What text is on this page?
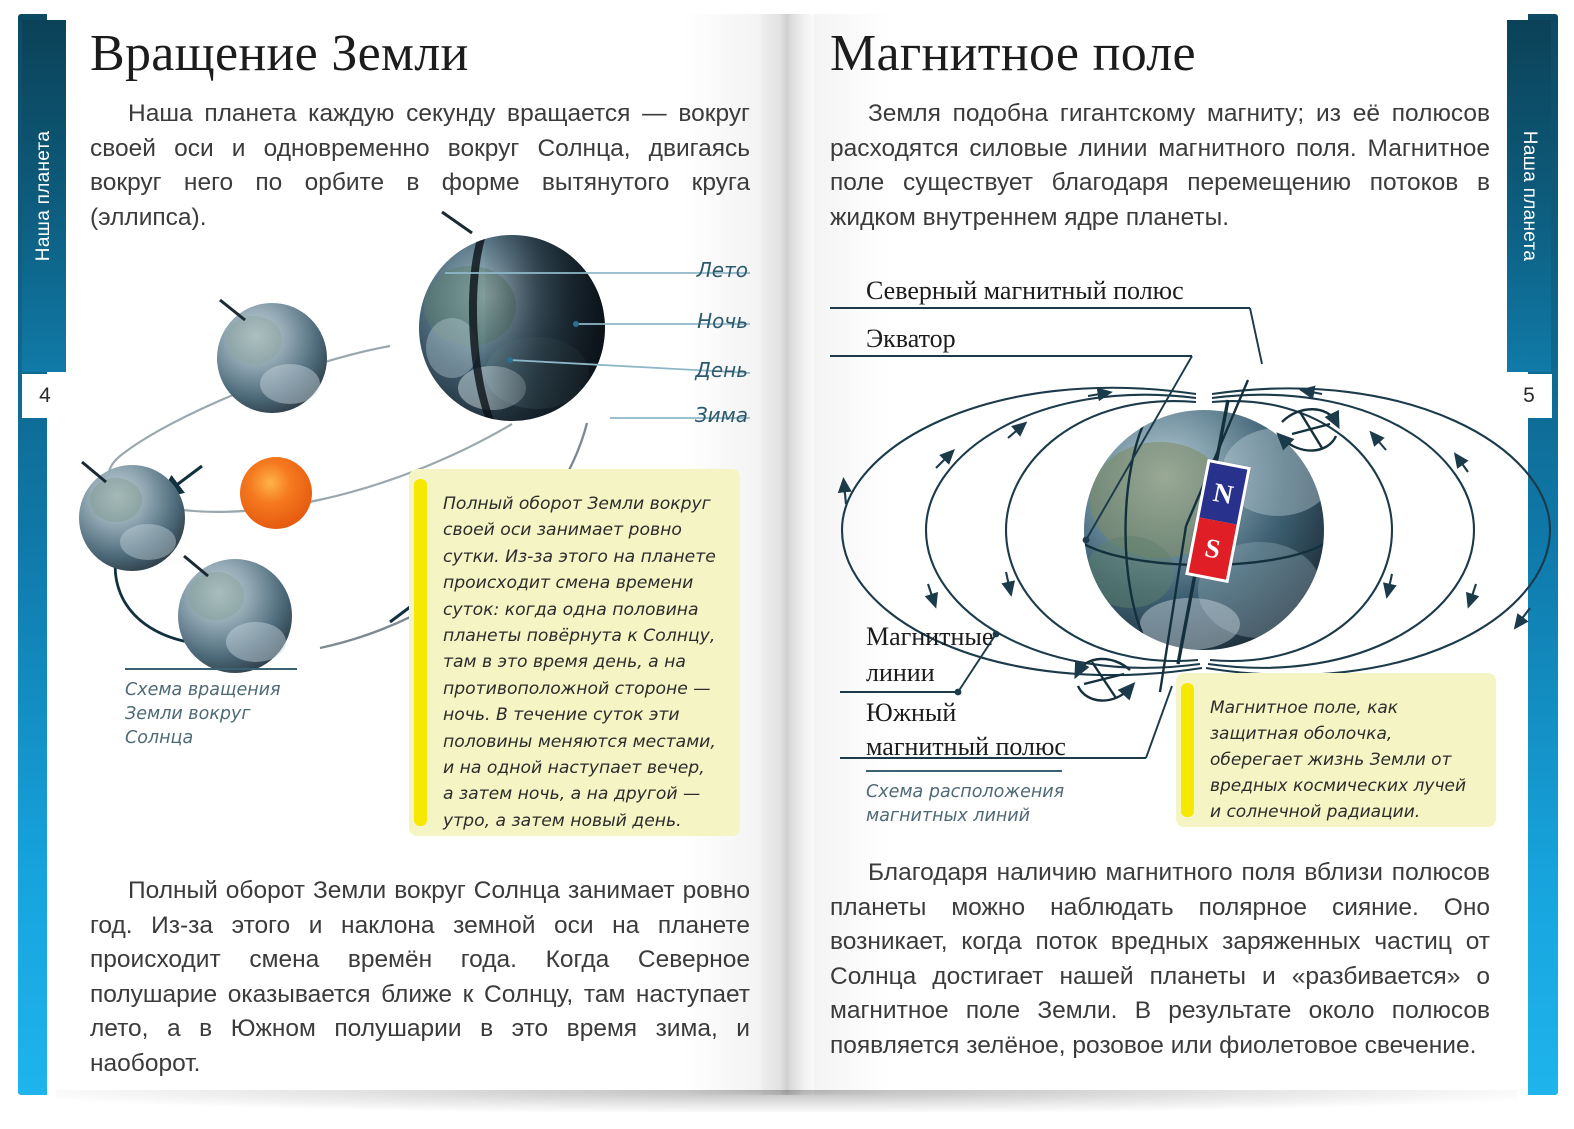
Наша планета	Наша планета
4	5
Вращение Земли

Наша планета каждую секунду вращается — вокруг своей оси и одновременно вокруг Солнца, двигаясь вокруг него по орбите в форме вытянутого круга (эллипса).

Лето
Ночь
День
Зима
Полный оборот Земли вокруг своей оси занимает ровно сутки. Из-за этого на планете происходит смена времени суток: когда одна половина планеты повёрнута к Солнцу, там в это время день, а на противоположной стороне — ночь. В течение суток эти половины меняются местами, и на одной наступает вечер, а затем ночь, а на другой — утро, а затем новый день.
Схема вращения Земли вокруг Солнца

Полный оборот Земли вокруг Солнца занимает ровно год. Из-за этого и наклона земной оси на планете происходит смена времён года. Когда Северное полушарие оказывается ближе к Солнцу, там наступает лето, а в Южном полушарии в это время зима, и наоборот.

Магнитное поле

Земля подобна гигантскому магниту; из её полюсов расходятся силовые линии магнитного поля. Магнитное поле существует благодаря перемещению потоков в жидком внутреннем ядре планеты.

Северный магнитный полюс
Экватор
Магнитные
линии
Южный
магнитный полюс
N
S
Магнитное поле, как защитная оболочка, оберегает жизнь Земли от вредных космических лучей и солнечной радиации.
Схема расположения магнитных линий

Благодаря наличию магнитного поля вблизи полюсов планеты можно наблюдать полярное сияние. Оно возникает, когда поток вредных заряженных частиц от Солнца достигает нашей планеты и «разбивается» о магнитное поле Земли. В результате около полюсов появляется зелёное, розовое или фиолетовое свечение.
